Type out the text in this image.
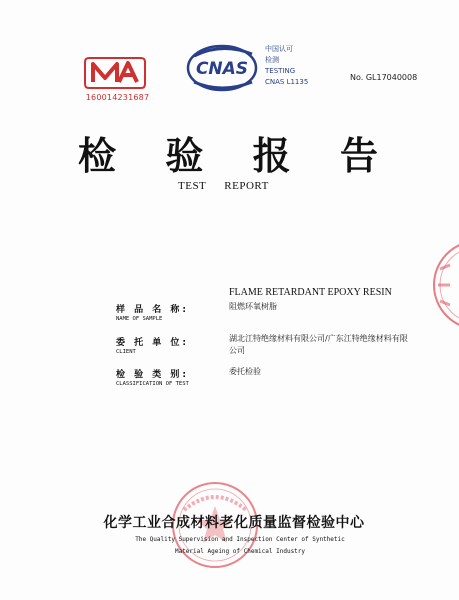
160014231687
CNAS
中国认可
检测
TESTING
CNAS L1135	No. GL17040008
检 验 报 告
TEST REPORT
FLAME RETARDANT EPOXY RESIN
样 品 名 称:
NAME OF SAMPLE
阻燃环氧树脂
委 托 单 位:
CLIENT
湖北江特绝缘材料有限公司/广东江特绝缘材料有限公司
检 验 类 别:
CLASSIFICATION OF TEST
委托检验
化学工业合成材料老化质量监督检验中心
The Quality Supervision and Inspection Center of Synthetic
Material Ageing of Chemical Industry
